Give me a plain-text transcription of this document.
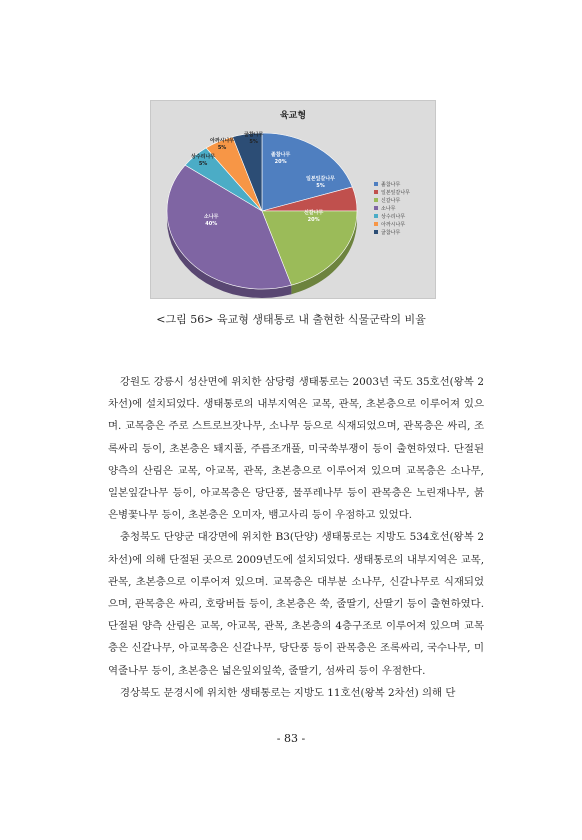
육교형
졸참나무
20%
일본잎갈나무
5%
신갈나무
20%
소나무
40%
상수리나무
5%
아까시나무
5%
굴참나무
5%
졸참나무
일본잎갈나무
신갈나무
소나무
상수리나무
아까시나무
굴참나무
<그림 56> 육교형 생태통로 내 출현한 식물군락의 비율

강원도 강릉시 성산면에 위치한 삼당령 생태통로는 2003년 국도 35호선(왕복 2차선)에 설치되었다. 생태통로의 내부지역은 교목, 관목, 초본층으로 이루어져 있으며. 교목층은 주로 스트로브잣나무, 소나무 등으로 식재되었으며, 관목층은 싸리, 조록싸리 등이, 초본층은 돼지풀, 주름조개풀, 미국쑥부쟁이 등이 출현하였다. 단절된 양측의 산림은 교목, 아교목, 관목, 초본층으로 이루어져 있으며 교목층은 소나무, 일본잎갈나무 등이, 아교목층은 당단풍, 물푸레나무 등이 관목층은 노린재나무, 붉은병꽃나무 등이, 초본층은 오미자, 뱀고사리 등이 우점하고 있었다.

충청북도 단양군 대강면에 위치한 B3(단양) 생태통로는 지방도 534호선(왕복 2차선)에 의해 단절된 곳으로 2009년도에 설치되었다. 생태통로의 내부지역은 교목, 관목, 초본층으로 이루어져 있으며. 교목층은 대부분 소나무, 신갈나무로 식재되었으며, 관목층은 싸리, 호랑버들 등이, 초본층은 쑥, 줄딸기, 산딸기 등이 출현하였다. 단절된 양측 산림은 교목, 아교목, 관목, 초본층의 4층구조로 이루어져 있으며 교목층은 신갈나무, 아교목층은 신갈나무, 당단풍 등이 관목층은 조록싸리, 국수나무, 미역줄나무 등이, 초본층은 넓은잎외잎쑥, 줄딸기, 섬싸리 등이 우점한다.

경상북도 문경시에 위치한 생태통로는 지방도 11호선(왕복 2차선) 의해 단

- 83 -
